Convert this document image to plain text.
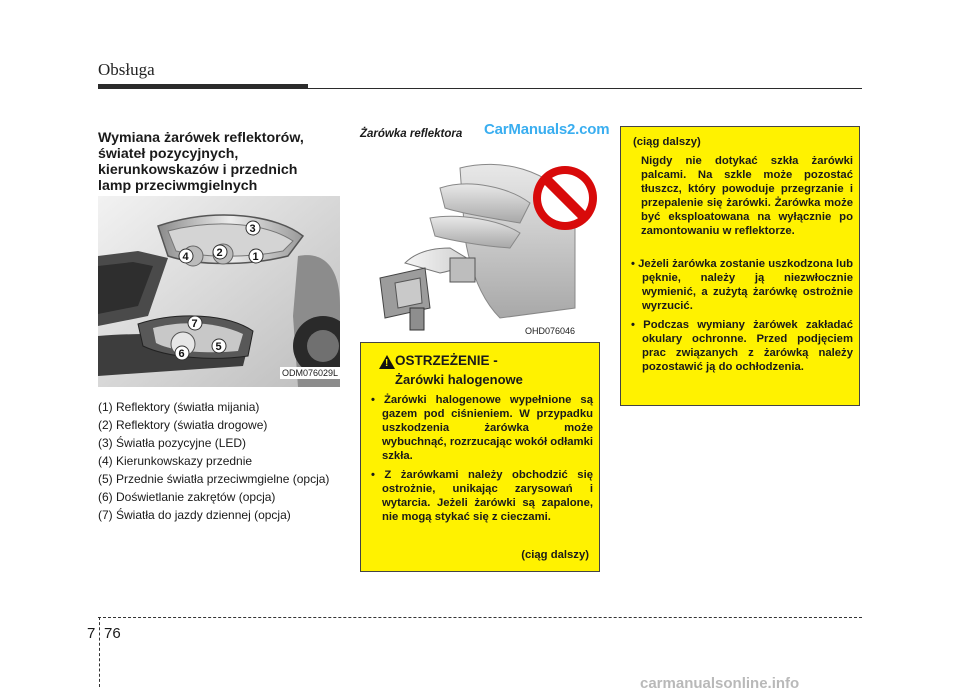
Obsługa
Wymiana żarówek reflektorów,
świateł pozycyjnych,
kierunkowskazów i przednich
lamp przeciwmgielnych
1
2
3
4
5
6
7
ODM076029L
(1) Reflektory (światła mijania)
(2) Reflektory (światła drogowe)
(3) Światła pozycyjne (LED)
(4) Kierunkowskazy przednie
(5) Przednie światła przeciwmgielne (opcja)
(6) Doświetlanie zakrętów (opcja)
(7) Światła do jazdy dziennej (opcja)
Żarówka reflektora CarManuals2.com
OHD076046
! OSTRZEŻENIE -
Żarówki halogenowe
• Żarówki halogenowe wypełnione są gazem pod ciśnieniem. W przypadku uszkodzenia żarówka może wybuchnąć, rozrzucając wokół odłamki szkła.
• Z żarówkami należy obchodzić się ostrożnie, unikając zarysowań i wytarcia. Jeżeli żarówki są zapalone, nie mogą stykać się z cieczami.
(ciąg dalszy)
(ciąg dalszy)

Nigdy nie dotykać szkła żarówki palcami. Na szkle może pozostać tłuszcz, który powoduje przegrzanie i przepalenie się żarówki. Żarówka może być eksploatowana na wyłącznie po zamontowaniu w reflektorze.

• Jeżeli żarówka zostanie uszkodzona lub pęknie, należy ją niezwłocznie wymienić, a zużytą żarówkę ostrożnie wyrzucić.
• Podczas wymiany żarówek zakładać okulary ochronne. Przed podjęciem prac związanych z żarówką należy pozostawić ją do ochłodzenia.
7 76
carmanualsonline.info
